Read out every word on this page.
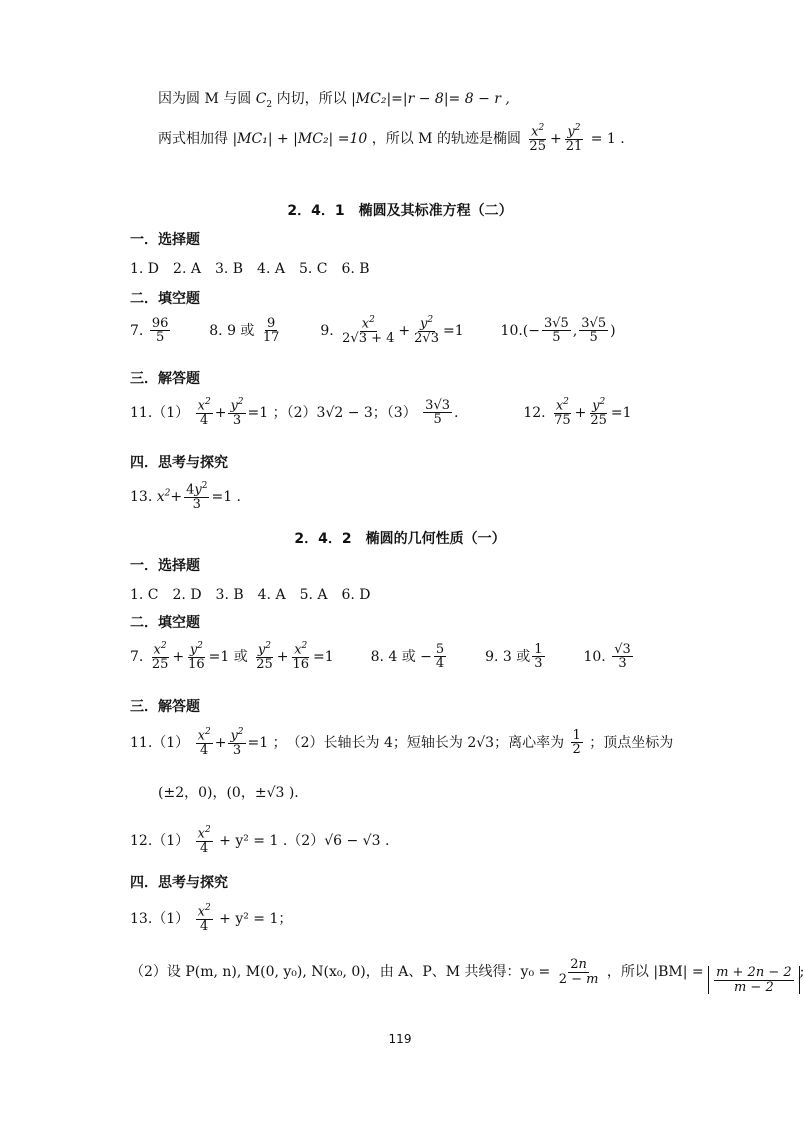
因为圆 M 与圆 $C_2$ 内切，所以 |MC₂|=|r − 8|= 8 − r ,
两式相加得 |MC₁| + |MC₂| =10 ，所以 M 的轨迹是椭圆 $\frac{x^2}{25} + \frac{y^2}{21} = 1$ .
2．4．1　椭圆及其标准方程（二）
一．选择题
1. D　2. A　3. B　4. A　5. C　6. B
二．填空题
7. $\frac{96}{5}$	8. 9 或 $\frac{9}{17}$	9. $\frac{x^2}{2√3 + 4} + \frac{y^2}{2√3} =1$  $10.(- \frac{3√5}{5}$ , $\frac{3√5}{5}$ )
三．解答题
$11.(1) \frac{x^2}{4} + \frac{y^2}{3} =1$ ；（2）3√2 − 3；$(3) \frac{3√3}{5}$ .	12. $\frac{x^2}{75} + \frac{y^2}{25} =1$
四．思考与探究
13. $x^2+ \frac{4y^2}{3} =1$ .
2．4．2　椭圆的几何性质（一）
一．选择题
1. C　2. D　3. B　4. A　5. A　6. D
二．填空题
7. $\frac{x^2}{25} + \frac{y^2}{16} =1$ 或 $\frac{y^2}{25} + \frac{x^2}{16} =1$  8. 4 或 − $\frac{5}{4}$	9. 3 或 $\frac{1}{3}$	10. $\frac{√3}{3}$
三．解答题
$11.(1) \frac{x^2}{4} + \frac{y^2}{3} =1$ ；　（2）长轴长为 4；短轴长为 2√3；离心率为 $\frac{1}{2}$ ；顶点坐标为
(±2，0)，(0，±√3 ).
$12.(1) \frac{x^2}{4} + y^2 = 1$ .（2）√6 − √3 .
四．思考与探究
$13.(1) \frac{x^2}{4} + y^2 = 1$；
（2）设 P(m, n), M(0, y₀), N(x₀, 0)，由 A、P、M 共线得：$y_0 = \frac{2n}{2 - m}$ ，所以 $|BM| = \frac{m + 2n - 2}{m - 2}$ ;
119
